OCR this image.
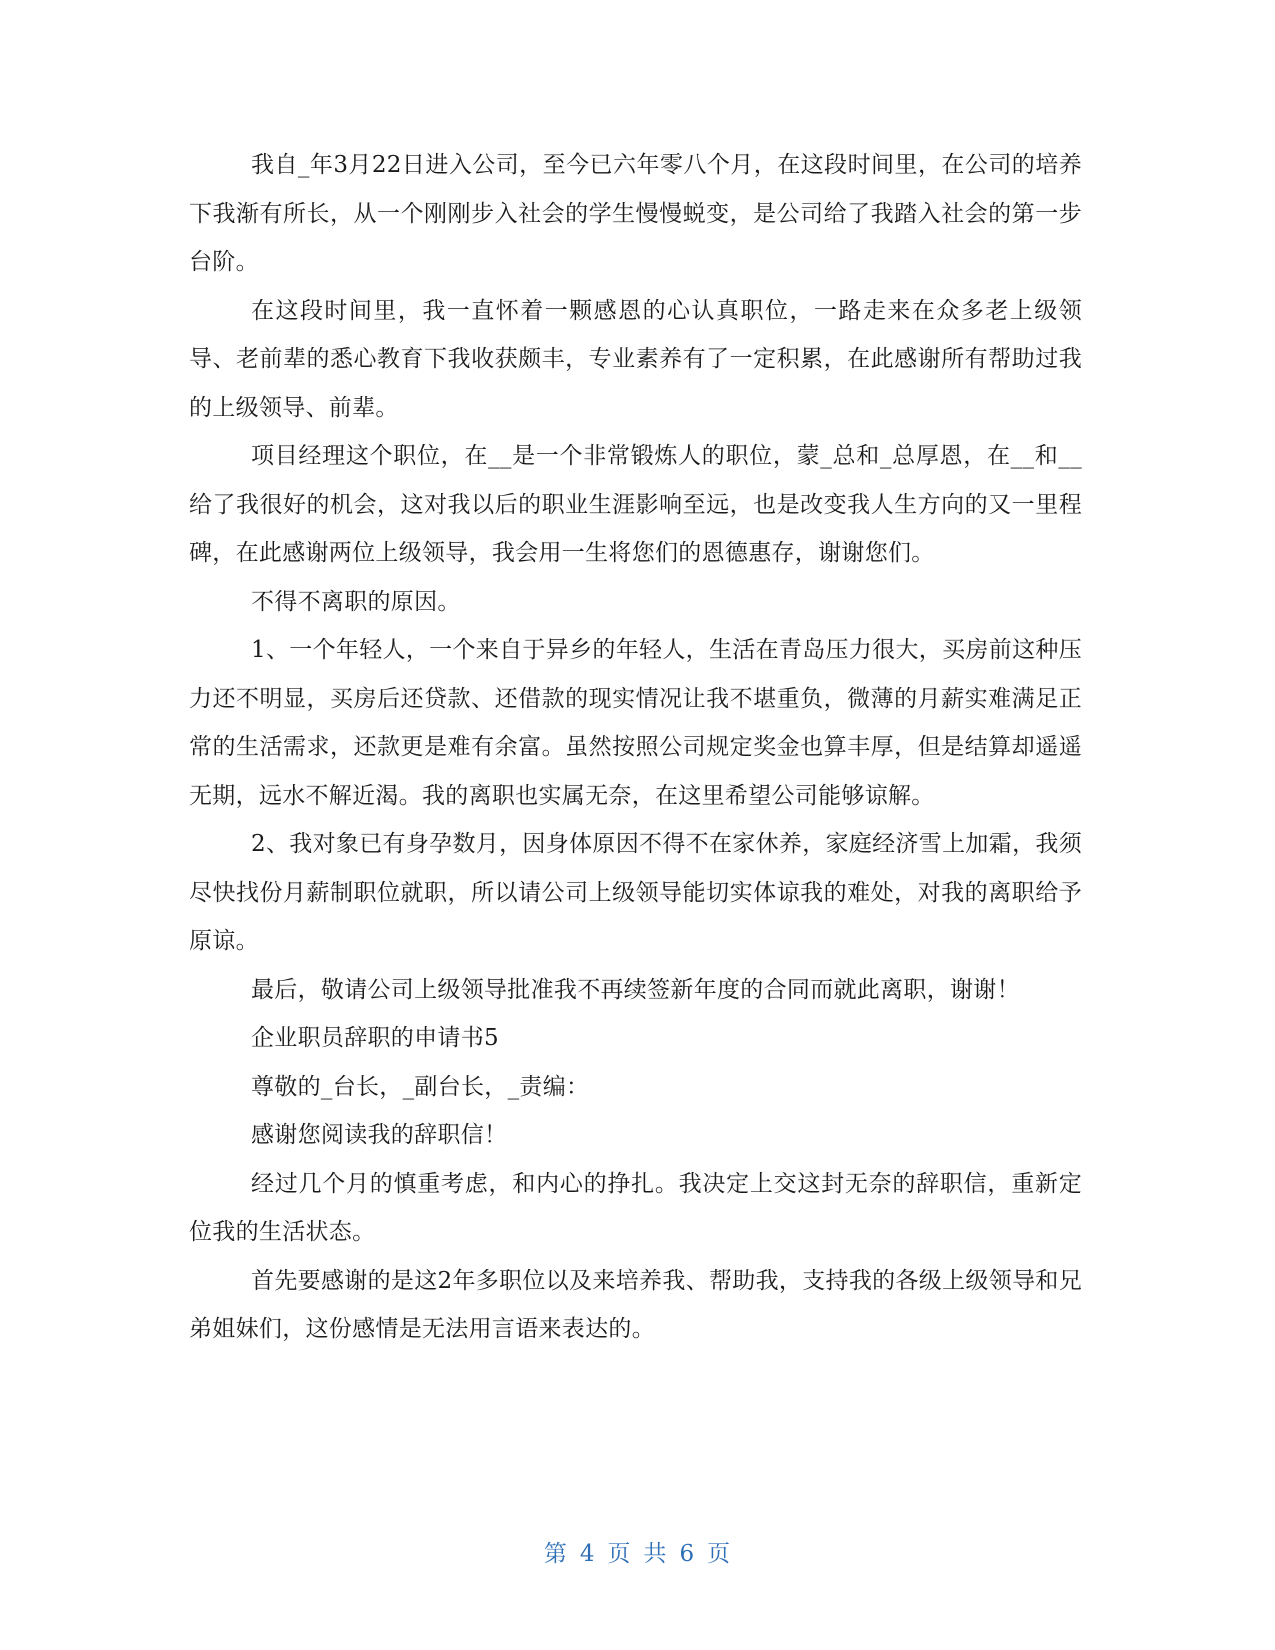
我自_年3月22日进入公司，至今已六年零八个月，在这段时间里，在公司的培养下我渐有所长，从一个刚刚步入社会的学生慢慢蜕变，是公司给了我踏入社会的第一步台阶。

在这段时间里，我一直怀着一颗感恩的心认真职位，一路走来在众多老上级领导、老前辈的悉心教育下我收获颇丰，专业素养有了一定积累，在此感谢所有帮助过我的上级领导、前辈。

项目经理这个职位，在__是一个非常锻炼人的职位，蒙_总和_总厚恩，在__和__给了我很好的机会，这对我以后的职业生涯影响至远，也是改变我人生方向的又一里程碑，在此感谢两位上级领导，我会用一生将您们的恩德惠存，谢谢您们。

不得不离职的原因。

1、一个年轻人，一个来自于异乡的年轻人，生活在青岛压力很大，买房前这种压力还不明显，买房后还贷款、还借款的现实情况让我不堪重负，微薄的月薪实难满足正常的生活需求，还款更是难有余富。虽然按照公司规定奖金也算丰厚，但是结算却遥遥无期，远水不解近渴。我的离职也实属无奈，在这里希望公司能够谅解。

2、我对象已有身孕数月，因身体原因不得不在家休养，家庭经济雪上加霜，我须尽快找份月薪制职位就职，所以请公司上级领导能切实体谅我的难处，对我的离职给予原谅。

最后，敬请公司上级领导批准我不再续签新年度的合同而就此离职，谢谢！

企业职员辞职的申请书5

尊敬的_台长，_副台长，_责编：

感谢您阅读我的辞职信！

经过几个月的慎重考虑，和内心的挣扎。我决定上交这封无奈的辞职信，重新定位我的生活状态。

首先要感谢的是这2年多职位以及来培养我、帮助我，支持我的各级上级领导和兄弟姐妹们，这份感情是无法用言语来表达的。

第 4 页 共 6 页
